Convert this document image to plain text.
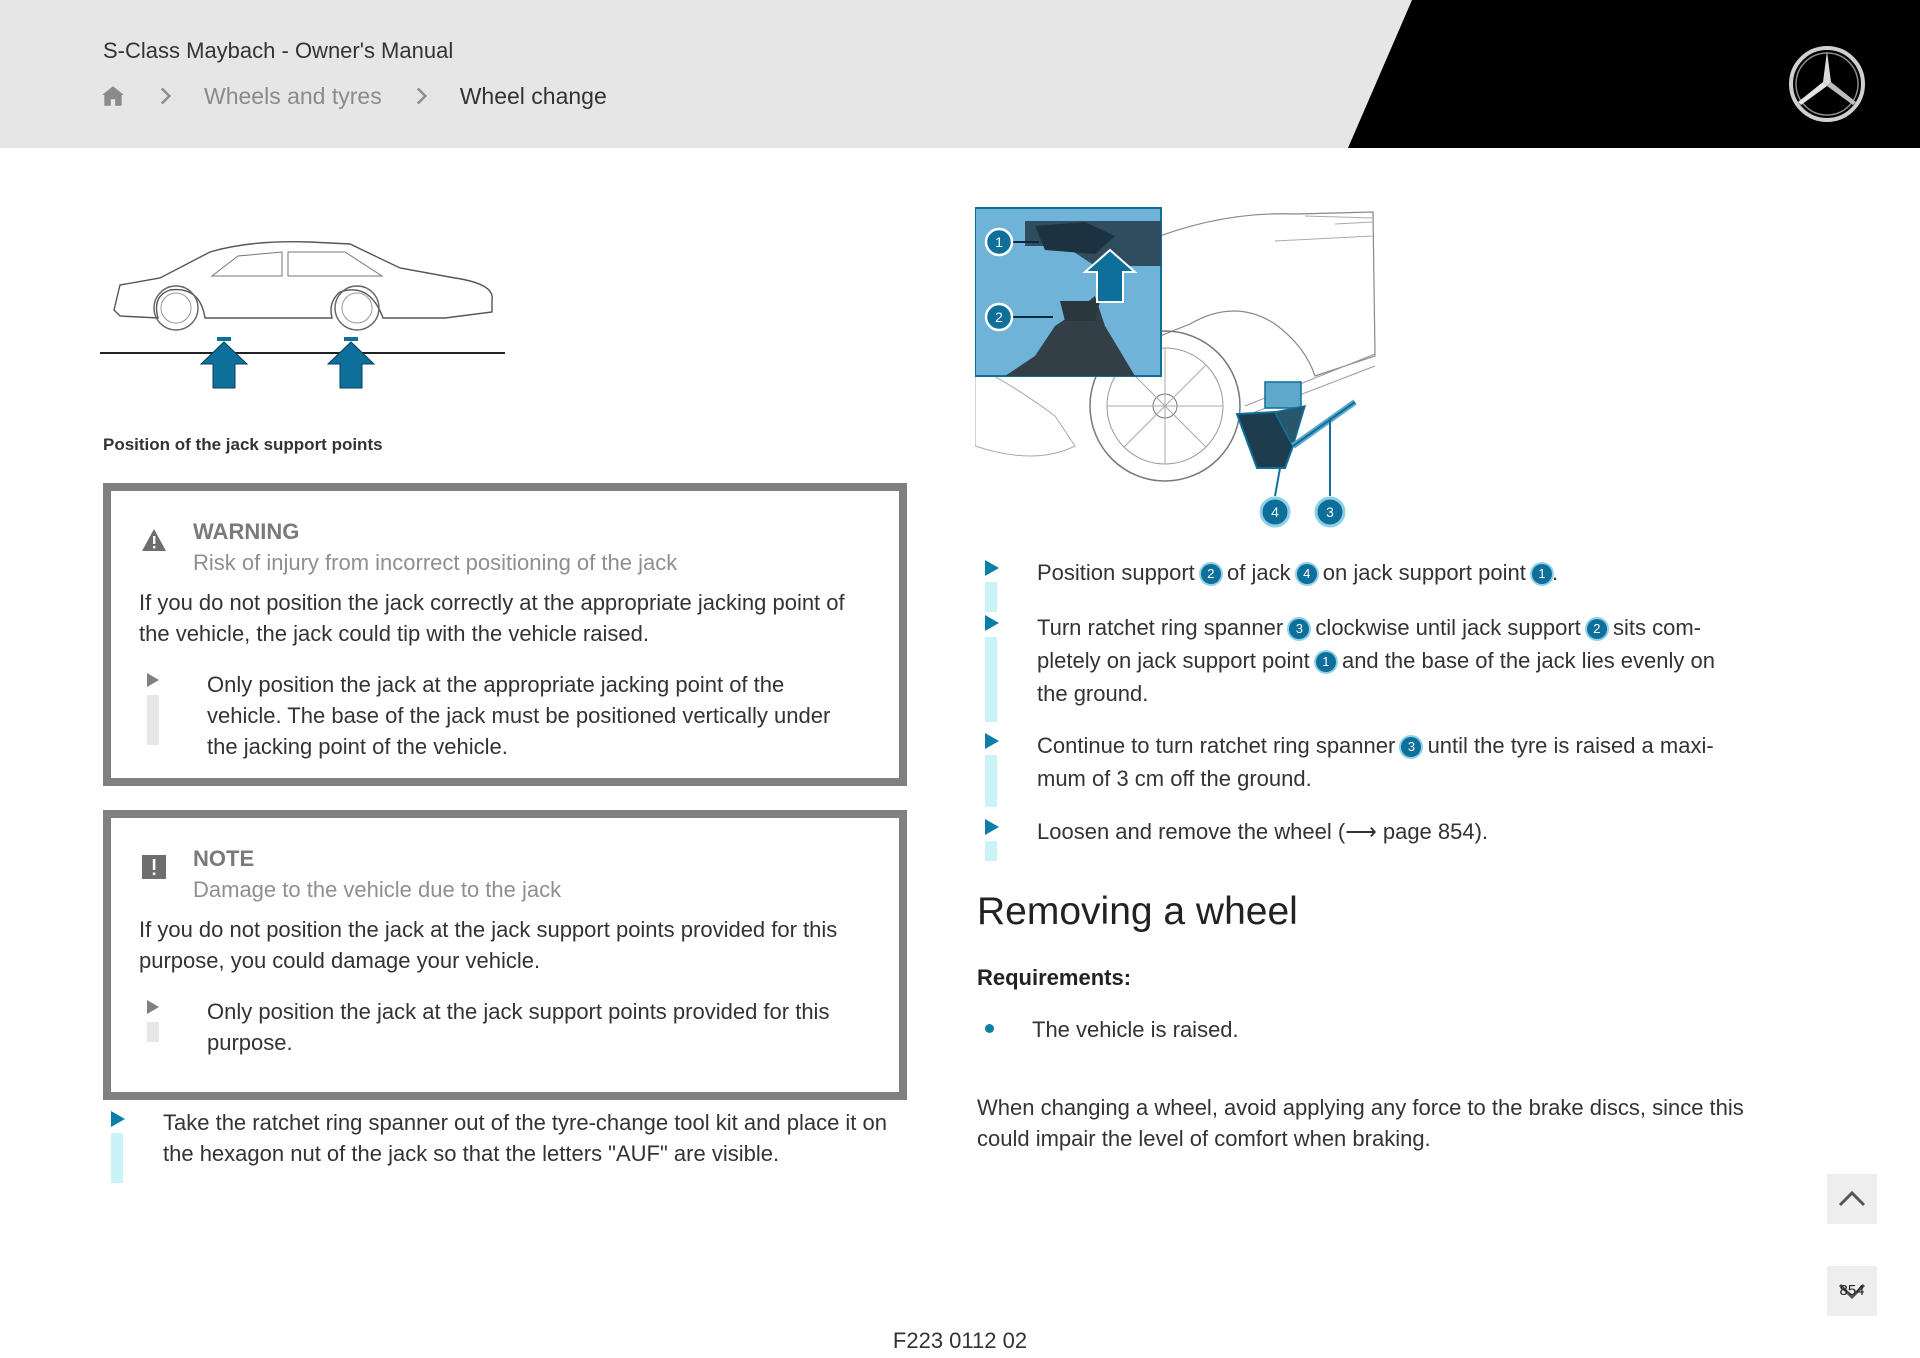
S-Class Maybach - Owner's Manual
Wheels and tyres	Wheel change
Position of the jack support points
WARNING
Risk of injury from incorrect positioning of the jack
If you do not position the jack correctly at the appropriate jacking point of the vehicle, the jack could tip with the vehicle raised.
Only position the jack at the appropriate jacking point of the vehicle. The base of the jack must be positioned vertically under the jacking point of the vehicle.
NOTE
Damage to the vehicle due to the jack
If you do not position the jack at the jack support points provided for this purpose, you could damage your vehicle.
Only position the jack at the jack support points provided for this purpose.
Take the ratchet ring spanner out of the tyre-change tool kit and place it on the hexagon nut of the jack so that the letters "AUF" are visible.
1
2
3
4
Position support 2 of jack 4 on jack support point 1 .
Turn ratchet ring spanner 3 clockwise until jack support 2 sits com-
pletely on jack support point 1 and the base of the jack lies evenly on
the ground.
Continue to turn ratchet ring spanner 3 until the tyre is raised a maxi-
mum of 3 cm off the ground.
Loosen and remove the wheel (⟶ page 854).
Removing a wheel
Requirements:
The vehicle is raised.
When changing a wheel, avoid applying any force to the brake discs, since this could impair the level of comfort when braking.
854
F223 0112 02
